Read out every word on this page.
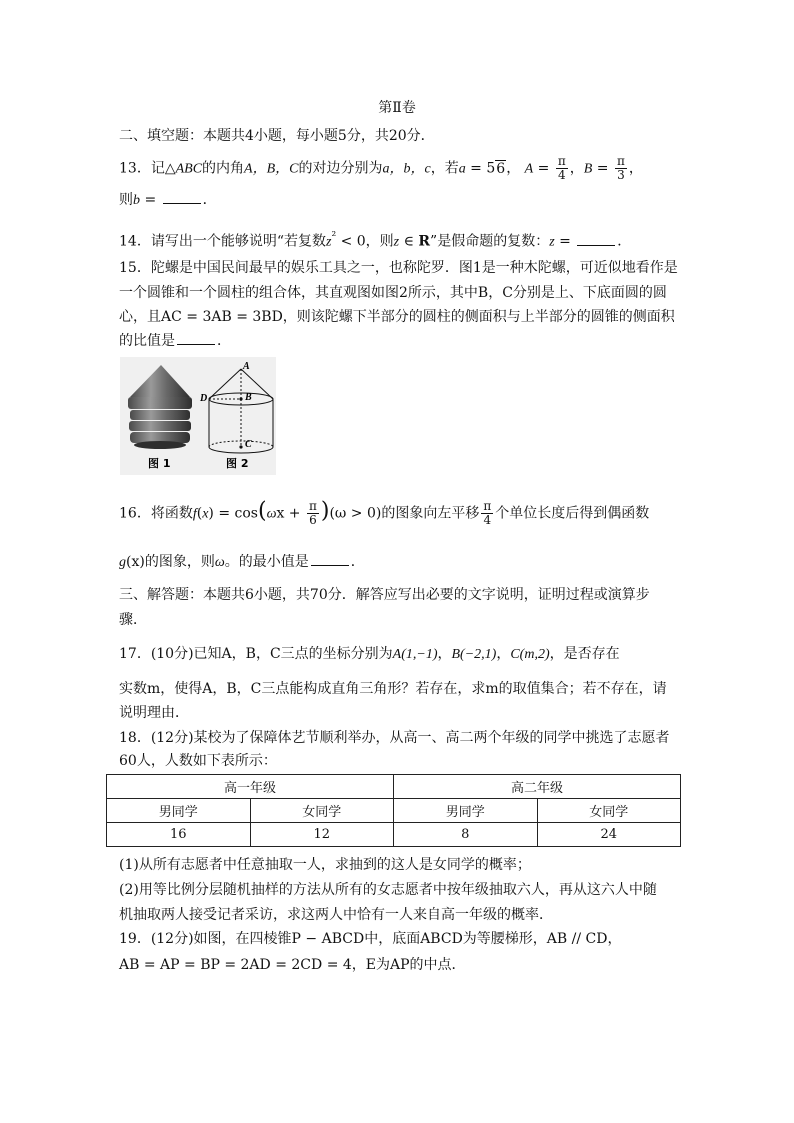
第Ⅱ卷
二、填空题：本题共4小题，每小题5分，共20分．
13．记△ABC的内角A，B，C的对边分别为a，b，c，若a = 56， $A = \frac{\pi}{4}$ ，$B = \frac{\pi}{3}$ ，
则b =	．
14．请写出一个能够说明“若复数$z^{^2} < 0$，则z ∈ R”是假命题的复数：z =	．
15．陀螺是中国民间最早的娱乐工具之一，也称陀罗．图1是一种木陀螺，可近似地看作是
一个圆锥和一个圆柱的组合体，其直观图如图2所示，其中B，C分别是上、下底面圆的圆
心，且AC = 3AB = 3BD，则该陀螺下半部分的圆柱的侧面积与上半部分的圆锥的侧面积
的比值是	．
A
B
C
D
图 1	图 2
16．将函数$f(x) = \cos(\omega x + \frac{\pi}{6} )(\omega > 0)$的图象向左平移 $\frac{\pi}{4}$ 个单位长度后得到偶函数
g(x)的图象，则ω。的最小值是	．
三、解答题：本题共6小题，共70分．解答应写出必要的文字说明，证明过程或演算步
骤．
17．(10分)已知A，B，C三点的坐标分别为A(1,−1)，B(−2,1)，C(m,2)，是否存在
实数m，使得A，B，C三点能构成直角三角形？若存在，求m的取值集合；若不存在，请
说明理由．
18．(12分)某校为了保障体艺节顺利举办，从高一、高二两个年级的同学中挑选了志愿者
60人，人数如下表所示：
高一年级		高二年级	
男同学	女同学	男同学	女同学
16	12	8	24
(1)从所有志愿者中任意抽取一人，求抽到的这人是女同学的概率；
(2)用等比例分层随机抽样的方法从所有的女志愿者中按年级抽取六人，再从这六人中随
机抽取两人接受记者采访，求这两人中恰有一人来自高一年级的概率．
19．(12分)如图，在四棱锥P − ABCD中，底面ABCD为等腰梯形，AB // CD，
AB = AP = BP = 2AD = 2CD = 4，E为AP的中点．
